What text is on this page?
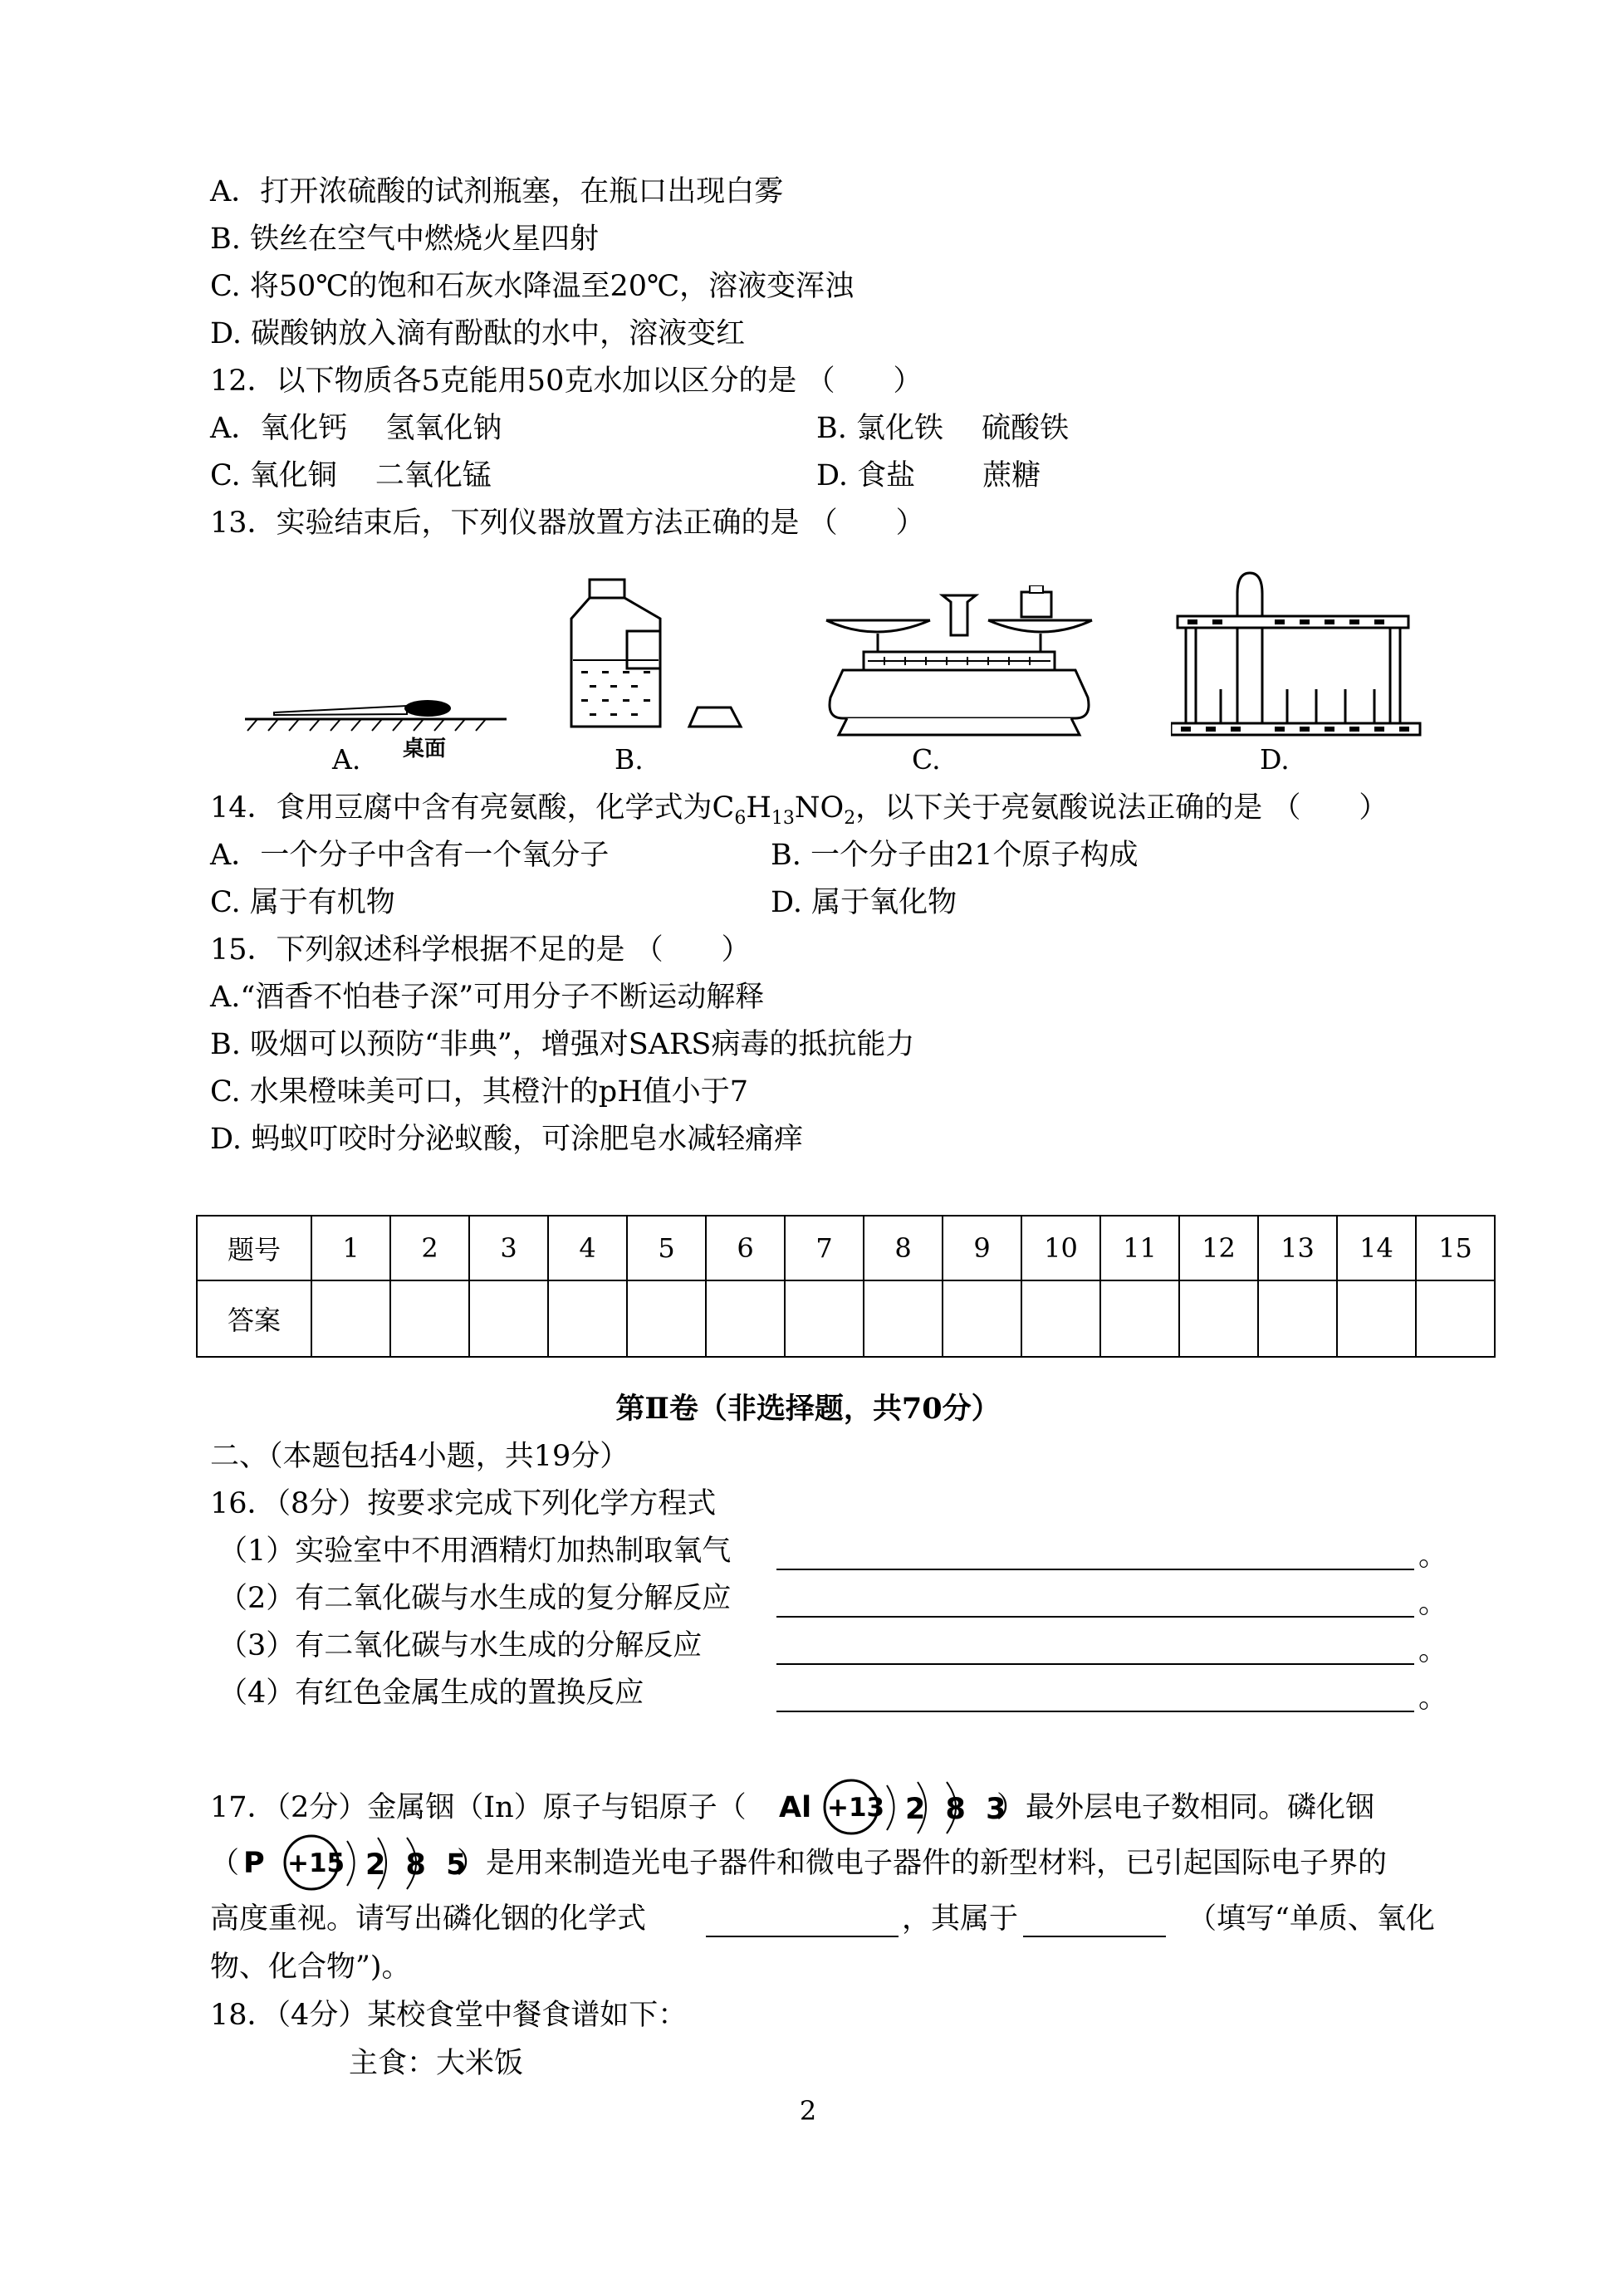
A．打开浓硫酸的试剂瓶塞，在瓶口出现白雾
B. 铁丝在空气中燃烧火星四射
C. 将50℃的饱和石灰水降温至20℃，溶液变浑浊
D. 碳酸钠放入滴有酚酞的水中，溶液变红
12．以下物质各5克能用50克水加以区分的是 （　　）
A．氧化钙　 氢氧化钠	B. 氯化铁　 硫酸铁
C. 氧化铜　 二氧化锰	D. 食盐　　 蔗糖
13．实验结束后，下列仪器放置方法正确的是 （　　）
A. 桌面	B.	C.	D.
14．食用豆腐中含有亮氨酸，化学式为$C_6H_{13}NO_2$，以下关于亮氨酸说法正确的是 （　　）
A．一个分子中含有一个氧分子	B. 一个分子由21个原子构成
C. 属于有机物	D. 属于氧化物
15．下列叙述科学根据不足的是 （　　）
A.“酒香不怕巷子深”可用分子不断运动解释
B. 吸烟可以预防“非典”，增强对SARS病毒的抵抗能力
C. 水果橙味美可口，其橙汁的pH值小于7
D. 蚂蚁叮咬时分泌蚁酸，可涂肥皂水减轻痛痒
题号	1	2	3	4	5	6	7	8	9	10	11	12	13	14	15
答案															
第Ⅱ卷（非选择题，共70分）
二、（本题包括4小题，共19分）
16．（8分）按要求完成下列化学方程式
（1）实验室中不用酒精灯加热制取氧气	。
（2）有二氧化碳与水生成的复分解反应	。
（3）有二氧化碳与水生成的分解反应	。
（4）有红色金属生成的置换反应	。
17．（2分）金属铟（In）原子与铝原子（ Al +13 2 8 3
）最外层电子数相同。磷化铟
（ P +15 2 8 5
）是用来制造光电子器件和微电子器件的新型材料，已引起国际电子界的
高度重视。请写出磷化铟的化学式	，其属于	（填写“单质、氧化
物、化合物”)。
18．（4分）某校食堂中餐食谱如下：
主食：大米饭
2
